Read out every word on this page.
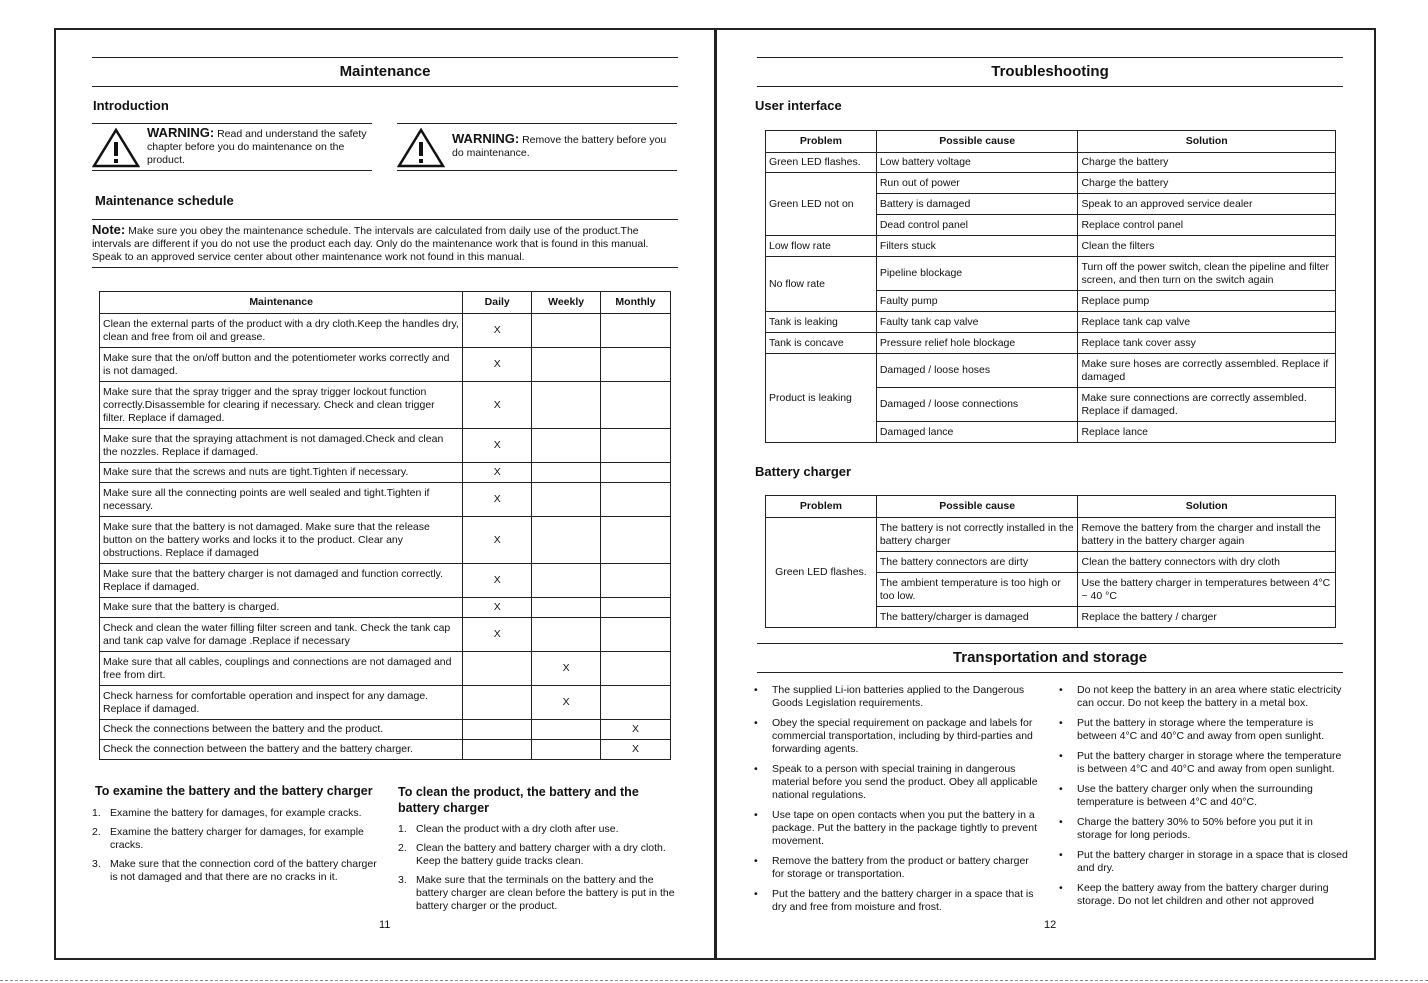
Maintenance
Introduction
WARNING: Read and understand the safety chapter before you do maintenance on the product.
WARNING: Remove the battery before you do maintenance.
Maintenance schedule
Note: Make sure you obey the maintenance schedule. The intervals are calculated from daily use of the product.The intervals are different if you do not use the product each day. Only do the maintenance work that is found in this manual. Speak to an approved service center about other maintenance work not found in this manual.
Maintenance	Daily	Weekly	Monthly
Clean the external parts of the product with a dry cloth.Keep the handles dry, clean and free from oil and grease.	X		
Make sure that the on/off button and the potentiometer works correctly and is not damaged.	X		
Make sure that the spray trigger and the spray trigger lockout function correctly.Disassemble for clearing if necessary. Check and clean trigger filter. Replace if damaged.	X		
Make sure that the spraying attachment is not damaged.Check and clean the nozzles. Replace if damaged.	X		
Make sure that the screws and nuts are tight.Tighten if necessary.	X		
Make sure all the connecting points are well sealed and tight.Tighten if necessary.	X		
Make sure that the battery is not damaged. Make sure that the release button on the battery works and locks it to the product. Clear any obstructions. Replace if damaged	X		
Make sure that the battery charger is not damaged and function correctly. Replace if damaged.	X		
Make sure that the battery is charged.	X		
Check and clean the water filling filter screen and tank. Check the tank cap and tank cap valve for damage .Replace if necessary	X		
Make sure that all cables, couplings and connections are not damaged and free from dirt.		X	
Check harness for comfortable operation and inspect for any damage. Replace if damaged.		X	
Check the connections between the battery and the product.			X
Check the connection between the battery and the battery charger.			X
To examine the battery and the battery charger
1. Examine the battery for damages, for example cracks.
2. Examine the battery charger for damages, for example cracks.
3. Make sure that the connection cord of the battery charger is not damaged and that there are no cracks in it.
To clean the product, the battery and the battery charger
1. Clean the product with a dry cloth after use.
2. Clean the battery and battery charger with a dry cloth. Keep the battery guide tracks clean.
3. Make sure that the terminals on the battery and the battery charger are clean before the battery is put in the battery charger or the product.
11
Troubleshooting
User interface
Problem	Possible cause	Solution
Green LED flashes.	Low battery voltage	Charge the battery
Green LED not on	Run out of power	Charge the battery
	Battery is damaged	Speak to an approved service dealer
	Dead control panel	Replace control panel
Low flow rate	Filters stuck	Clean the filters
No flow rate	Pipeline blockage	Turn off the power switch, clean the pipeline and filter screen, and then turn on the switch again
	Faulty pump	Replace pump
Tank is leaking	Faulty tank cap valve	Replace tank cap valve
Tank is concave	Pressure relief hole blockage	Replace tank cover assy
Product is leaking	Damaged / loose hoses	Make sure hoses are correctly assembled. Replace if damaged
	Damaged / loose connections	Make sure connections are correctly assembled. Replace if damaged.
	Damaged lance	Replace lance
Battery charger
Problem	Possible cause	Solution
Green LED flashes.	The battery is not correctly installed in the battery charger	Remove the battery from the charger and install the battery in the battery charger again
	The battery connectors are dirty	Clean the battery connectors with dry cloth
	The ambient temperature is too high or too low.	Use the battery charger in temperatures between 4°C ~ 40 °C
	The battery/charger is damaged	Replace the battery / charger
Transportation and storage
• The supplied Li-ion batteries applied to the Dangerous Goods Legislation requirements.
• Obey the special requirement on package and labels for commercial transportation, including by third-parties and forwarding agents.
• Speak to a person with special training in dangerous material before you send the product. Obey all applicable national regulations.
• Use tape on open contacts when you put the battery in a package. Put the battery in the package tightly to prevent movement.
• Remove the battery from the product or battery charger for storage or transportation.
• Put the battery and the battery charger in a space that is dry and free from moisture and frost.
• Do not keep the battery in an area where static electricity can occur. Do not keep the battery in a metal box.
• Put the battery in storage where the temperature is between 4°C and 40°C and away from open sunlight.
• Put the battery charger in storage where the temperature is between 4°C and 40°C and away from open sunlight.
• Use the battery charger only when the surrounding temperature is between 4°C and 40°C.
• Charge the battery 30% to 50% before you put it in storage for long periods.
• Put the battery charger in storage in a space that is closed and dry.
• Keep the battery away from the battery charger during storage. Do not let children and other not approved
12
